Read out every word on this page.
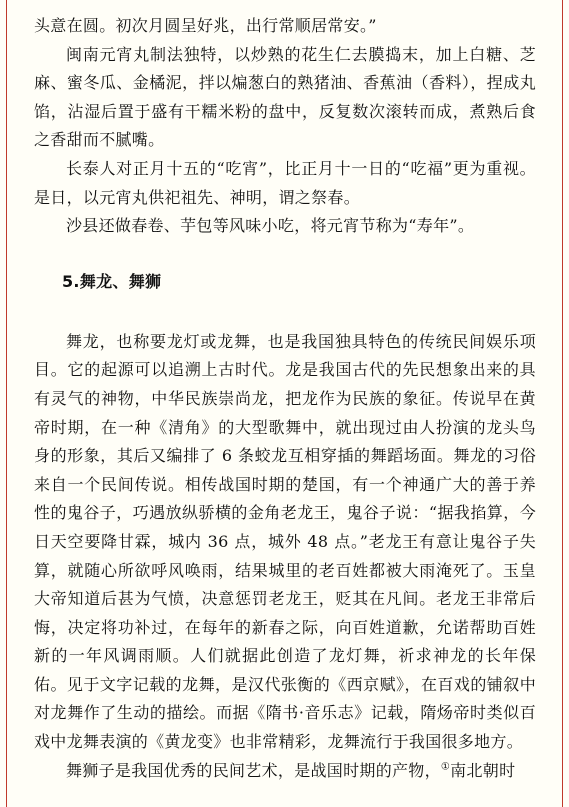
头意在圆。初次月圆呈好兆，出行常顺居常安。”

闽南元宵丸制法独特，以炒熟的花生仁去膜捣末，加上白糖、芝麻、蜜冬瓜、金橘泥，拌以煸葱白的熟猪油、香蕉油（香料），捏成丸馅，沾湿后置于盛有干糯米粉的盘中，反复数次滚转而成，煮熟后食之香甜而不腻嘴。

长泰人对正月十五的“吃宵”，比正月十一日的“吃福”更为重视。是日，以元宵丸供祀祖先、神明，谓之祭春。

沙县还做春卷、芋包等风味小吃，将元宵节称为“寿年”。

5.舞龙、舞狮

舞龙，也称要龙灯或龙舞，也是我国独具特色的传统民间娱乐项目。它的起源可以追溯上古时代。龙是我国古代的先民想象出来的具有灵气的神物，中华民族崇尚龙，把龙作为民族的象征。传说早在黄帝时期，在一种《清角》的大型歌舞中，就出现过由人扮演的龙头鸟身的形象，其后又编排了 6 条蛟龙互相穿插的舞蹈场面。舞龙的习俗来自一个民间传说。相传战国时期的楚国，有一个神通广大的善于养性的鬼谷子，巧遇放纵骄横的金角老龙王，鬼谷子说：“据我掐算，今日天空要降甘霖，城内 36 点，城外 48 点。”老龙王有意让鬼谷子失算，就随心所欲呼风唤雨，结果城里的老百姓都被大雨淹死了。玉皇大帝知道后甚为气愤，决意惩罚老龙王，贬其在凡间。老龙王非常后悔，决定将功补过，在每年的新春之际，向百姓道歉，允诺帮助百姓新的一年风调雨顺。人们就据此创造了龙灯舞，祈求神龙的长年保佑。见于文字记载的龙舞，是汉代张衡的《西京赋》，在百戏的铺叙中对龙舞作了生动的描绘。而据《隋书·音乐志》记载，隋炀帝时类似百戏中龙舞表演的《黄龙变》也非常精彩，龙舞流行于我国很多地方。

舞狮子是我国优秀的民间艺术，是战国时期的产物，①南北朝时
